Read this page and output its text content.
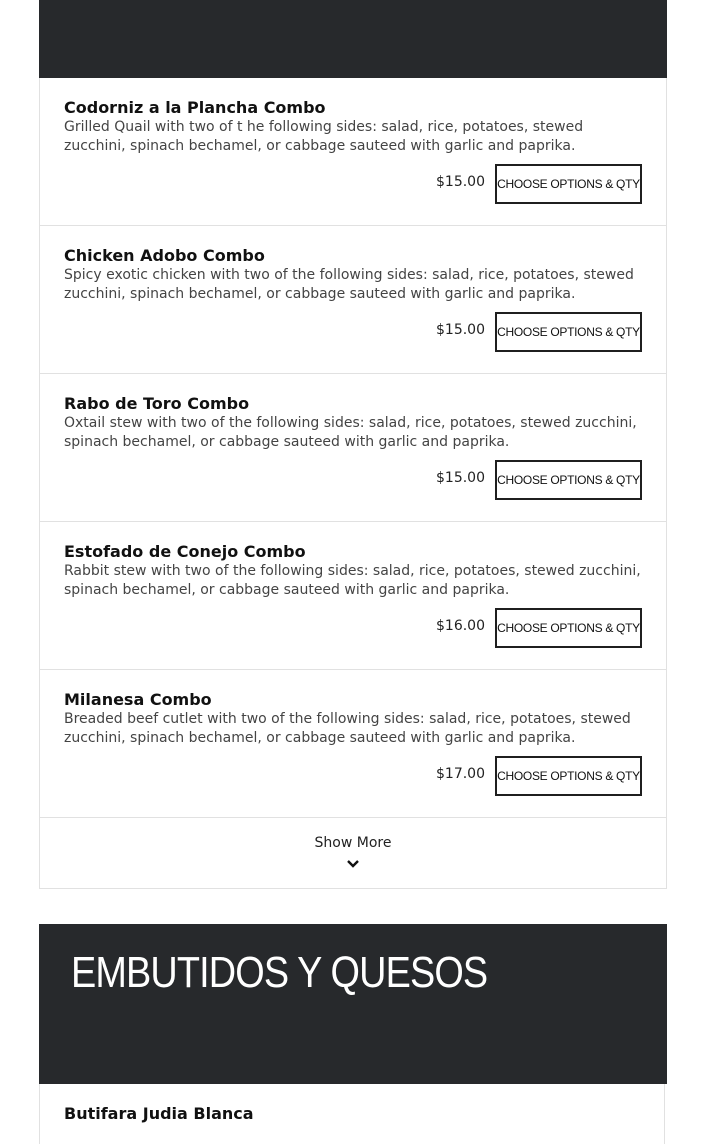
Codorniz a la Plancha Combo
Grilled Quail with two of t he following sides: salad, rice, potatoes, stewed zucchini, spinach bechamel, or cabbage sauteed with garlic and paprika.
$15.00 CHOOSE OPTIONS & QTY
Chicken Adobo Combo
Spicy exotic chicken with two of the following sides: salad, rice, potatoes, stewed zucchini, spinach bechamel, or cabbage sauteed with garlic and paprika.
$15.00 CHOOSE OPTIONS & QTY
Rabo de Toro Combo
Oxtail stew with two of the following sides: salad, rice, potatoes, stewed zucchini, spinach bechamel, or cabbage sauteed with garlic and paprika.
$15.00 CHOOSE OPTIONS & QTY
Estofado de Conejo Combo
Rabbit stew with two of the following sides: salad, rice, potatoes, stewed zucchini, spinach bechamel, or cabbage sauteed with garlic and paprika.
$16.00 CHOOSE OPTIONS & QTY
Milanesa Combo
Breaded beef cutlet with two of the following sides: salad, rice, potatoes, stewed zucchini, spinach bechamel, or cabbage sauteed with garlic and paprika.
$17.00 CHOOSE OPTIONS & QTY
Show More
EMBUTIDOS Y QUESOS
Butifara Judia Blanca
